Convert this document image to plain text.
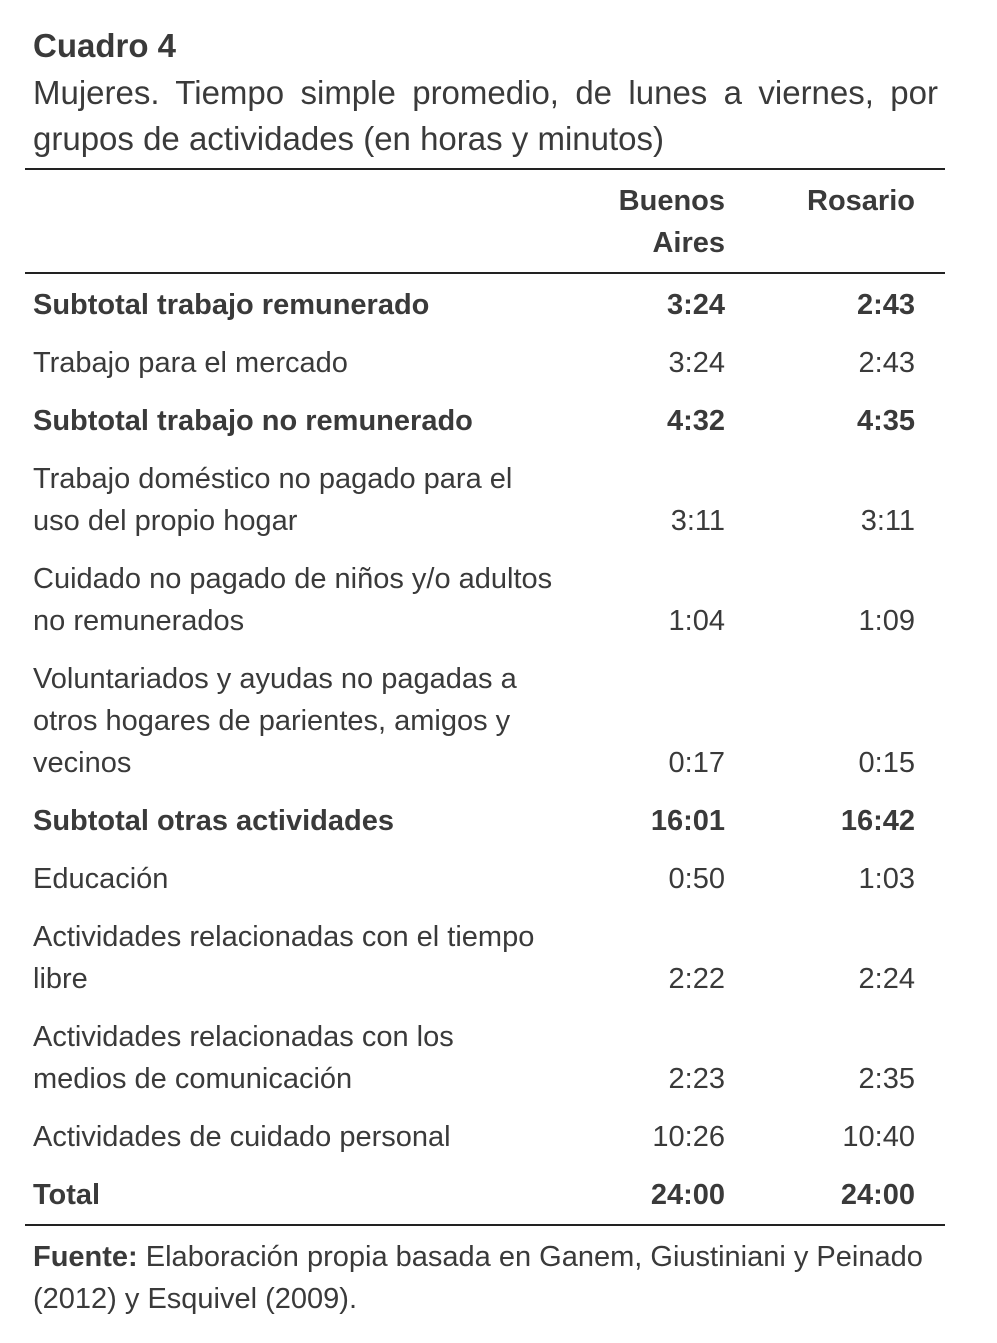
Cuadro 4
Mujeres. Tiempo simple promedio, de lunes a viernes, por grupos de actividades (en horas y minutos)
	Buenos Aires	Rosario

Subtotal trabajo remunerado	3:24	2:43

Trabajo para el mercado	3:24	2:43

Subtotal trabajo no remunerado	4:32	4:35

Trabajo doméstico no pagado para el uso del propio hogar	3:11	3:11

Cuidado no pagado de niños y/o adultos no remunerados	1:04	1:09

Voluntariados y ayudas no pagadas a otros hogares de parientes, amigos y vecinos	0:17	0:15

Subtotal otras actividades	16:01	16:42

Educación	0:50	1:03

Actividades relacionadas con el tiempo libre	2:22	2:24

Actividades relacionadas con los medios de comunicación	2:23	2:35

Actividades de cuidado personal	10:26	10:40

Total	24:00	24:00
Fuente: Elaboración propia basada en Ganem, Giustiniani y Peinado (2012) y Esquivel (2009).
